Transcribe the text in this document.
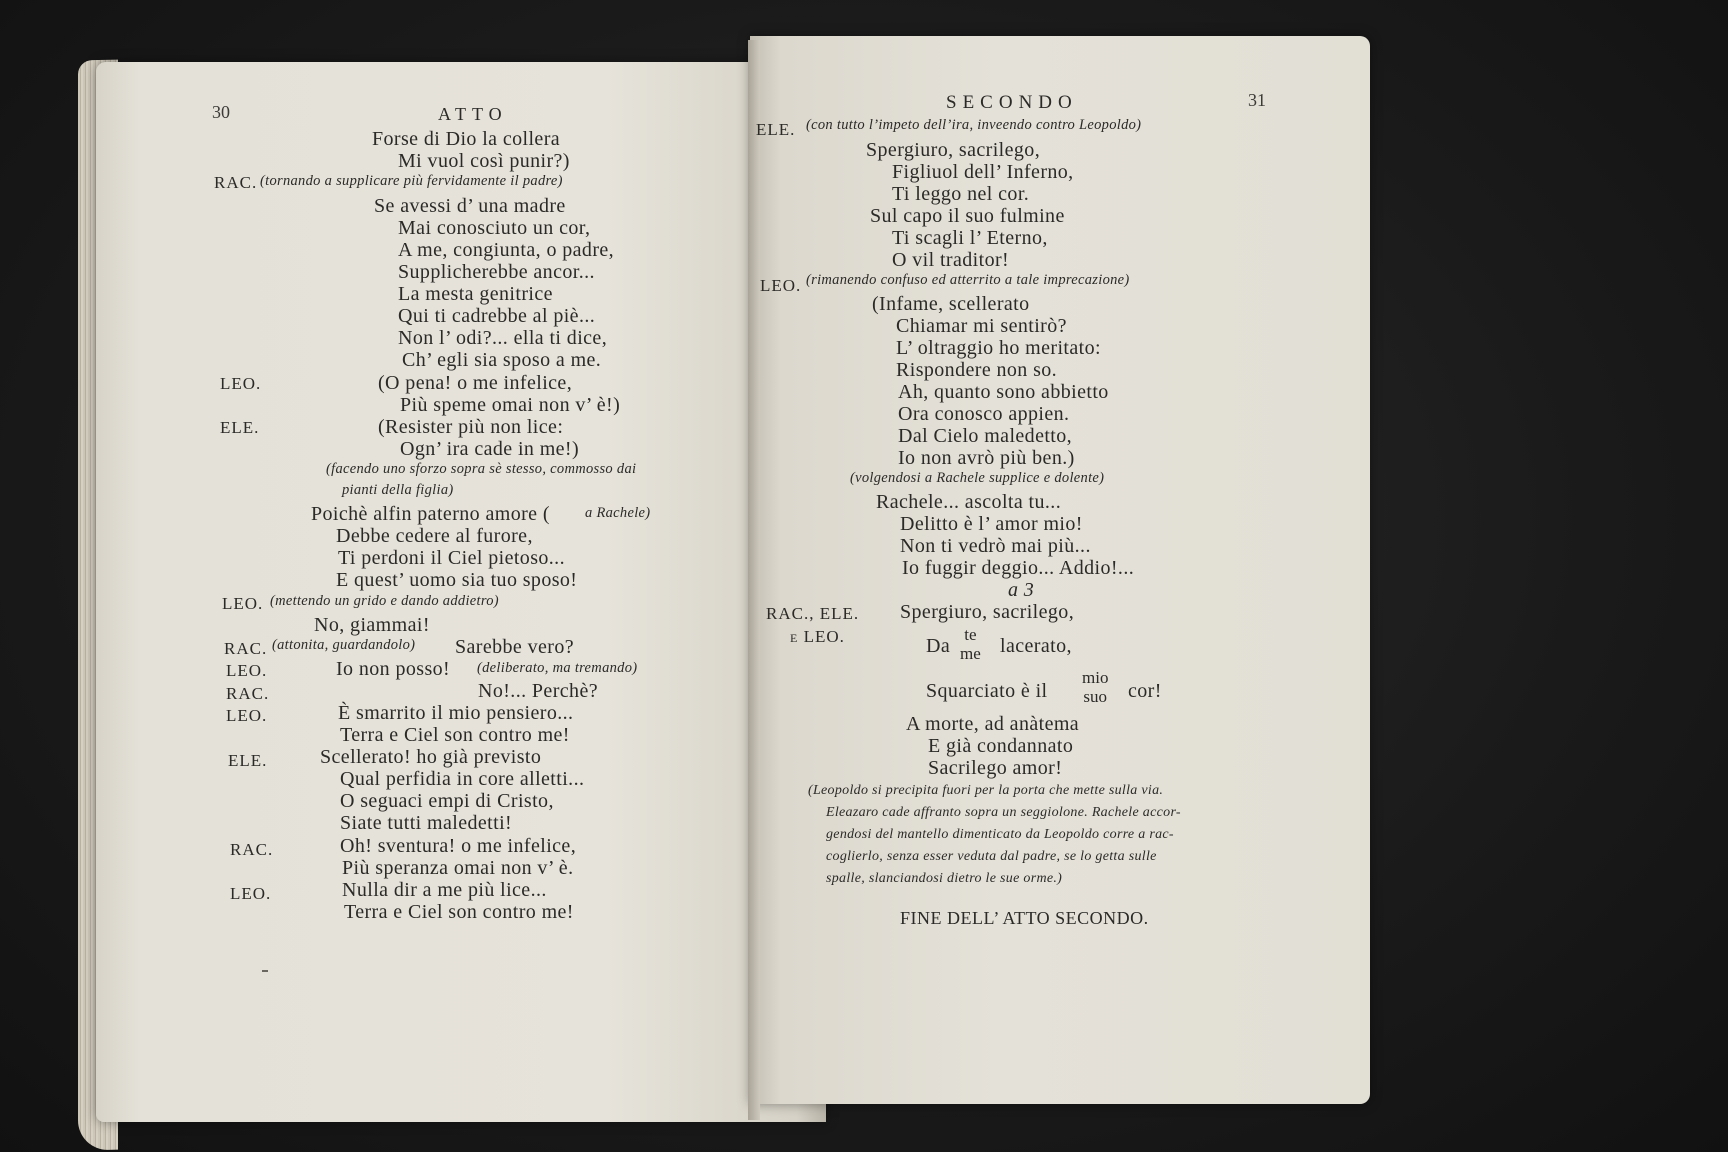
30	ATTO
Forse di Dio la collera
Mi vuol così punir?)
RAC. (tornando a supplicare più fervidamente il padre)
Se avessi d’ una madre
Mai conosciuto un cor,
A me, congiunta, o padre,
Supplicherebbe ancor...
La mesta genitrice
Qui ti cadrebbe al piè...
Non l’ odi?... ella ti dice,
Ch’ egli sia sposo a me.
LEO.	(O pena! o me infelice,
Più speme omai non v’ è!)
ELE.	(Resister più non lice:
Ogn’ ira cade in me!)
(facendo uno sforzo sopra sè stesso, commosso dai
pianti della figlia)
Poichè alfin paterno amore ( a Rachele)
Debbe cedere al furore,
Ti perdoni il Ciel pietoso...
E quest’ uomo sia tuo sposo!
LEO. (mettendo un grido e dando addietro)
No, giammai!
RAC. (attonita, guardandolo) Sarebbe vero?
LEO.	Io non posso! (deliberato, ma tremando)
RAC.	No!... Perchè?
LEO.	È smarrito il mio pensiero...
Terra e Ciel son contro me!
ELE.	Scellerato! ho già previsto
Qual perfidia in core alletti...
O seguaci empi di Cristo,
Siate tutti maledetti!
RAC.	Oh! sventura! o me infelice,
Più speranza omai non v’ è.
LEO.	Nulla dir a me più lice...
Terra e Ciel son contro me!
SECONDO	31
ELE. (con tutto l’impeto dell’ira, inveendo contro Leopoldo)
Spergiuro, sacrilego,
Figliuol dell’ Inferno,
Ti leggo nel cor.
Sul capo il suo fulmine
Ti scagli l’ Eterno,
O vil traditor!
LEO. (rimanendo confuso ed atterrito a tale imprecazione)
(Infame, scellerato
Chiamar mi sentirò?
L’ oltraggio ho meritato:
Rispondere non so.
Ah, quanto sono abbietto
Ora conosco appien.
Dal Cielo maledetto,
Io non avrò più ben.)
(volgendosi a Rachele supplice e dolente)
Rachele... ascolta tu...
Delitto è l’ amor mio!
Non ti vedrò mai più...
Io fuggir deggio... Addio!...
a 3
RAC., ELE.
e LEO.
Spergiuro, sacrilego,
Da
te
me lacerato,
Squarciato è il
mio
suo cor!
A morte, ad anàtema
E già condannato
Sacrilego amor!
(Leopoldo si precipita fuori per la porta che mette sulla via.
Eleazaro cade affranto sopra un seggiolone. Rachele accor-
gendosi del mantello dimenticato da Leopoldo corre a rac-
coglierlo, senza esser veduta dal padre, se lo getta sulle
spalle, slanciandosi dietro le sue orme.)
FINE DELL’ ATTO SECONDO.
